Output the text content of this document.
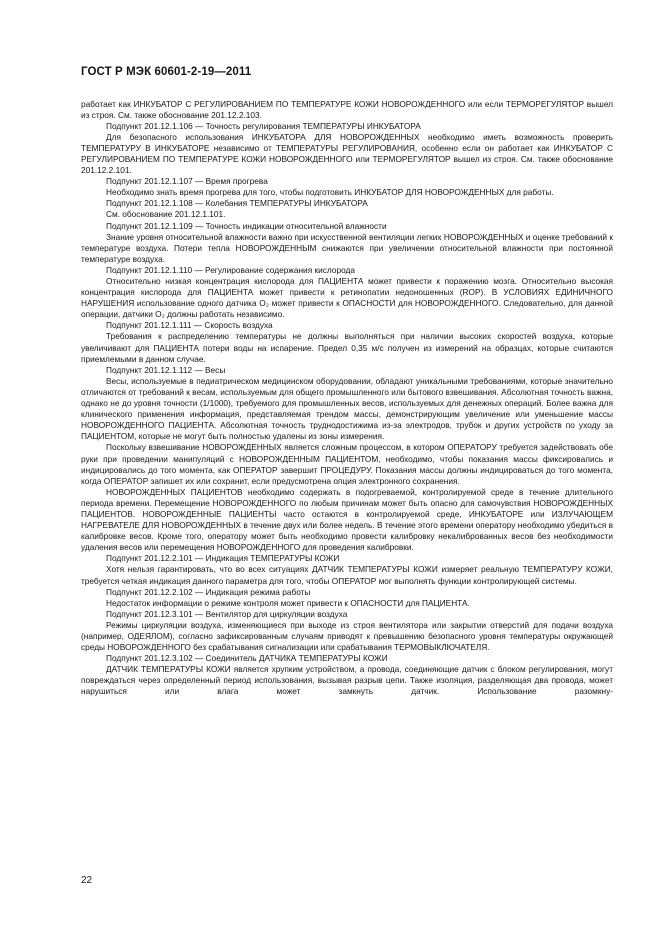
ГОСТ Р МЭК 60601-2-19—2011

работает как ИНКУБАТОР С РЕГУЛИРОВАНИЕМ ПО ТЕМПЕРАТУРЕ КОЖИ НОВОРОЖДЕННОГО или если ТЕРМОРЕГУЛЯТОР вышел из строя. См. также обоснование 201.12.2.103.

Подпункт 201.12.1.106 — Точность регулирования ТЕМПЕРАТУРЫ ИНКУБАТОРА

Для безопасного использования ИНКУБАТОРА ДЛЯ НОВОРОЖДЕННЫХ необходимо иметь возможность проверить ТЕМПЕРАТУРУ В ИНКУБАТОРЕ независимо от ТЕМПЕРАТУРЫ РЕГУЛИРОВАНИЯ, особенно если он работает как ИНКУБАТОР С РЕГУЛИРОВАНИЕМ ПО ТЕМПЕРАТУРЕ КОЖИ НОВОРОЖДЕННОГО или ТЕРМОРЕГУЛЯТОР вышел из строя. См. также обоснование 201.12.2.101.

Подпункт 201.12.1.107 — Время прогрева

Необходимо знать время прогрева для того, чтобы подготовить ИНКУБАТОР ДЛЯ НОВОРОЖДЕННЫХ для работы.

Подпункт 201.12.1.108 — Колебания ТЕМПЕРАТУРЫ ИНКУБАТОРА

См. обоснование 201.12.1.101.

Подпункт 201.12.1.109 — Точность индикации относительной влажности

Знание уровня относительной влажности важно при искусственной вентиляции легких НОВОРОЖДЕННЫХ и оценке требований к температуре воздуха. Потери тепла НОВОРОЖДЕННЫМ снижаются при увеличении относительной влажности при постоянной температуре воздуха.

Подпункт 201.12.1.110 — Регулирование содержания кислорода

Относительно низкая концентрация кислорода для ПАЦИЕНТА может привести к поражению мозга. Относительно высокая концентрация кислорода для ПАЦИЕНТА может привести к ретинопатии недоношенных (ROP). В УСЛОВИЯХ ЕДИНИЧНОГО НАРУШЕНИЯ использование одного датчика O₂ может привести к ОПАСНОСТИ для НОВОРОЖДЕННОГО. Следовательно, для данной операции, датчики O₂ должны работать независимо.

Подпункт 201.12.1.111 — Скорость воздуха

Требования к распределению температуры не должны выполняться при наличии высоких скоростей воздуха, которые увеличивают для ПАЦИЕНТА потери воды на испарение. Предел 0,35 м/с получен из измерений на образцах, которые считаются приемлемыми в данном случае.

Подпункт 201.12.1.112 — Весы

Весы, используемые в педиатрическом медицинском оборудовании, обладают уникальными требованиями, которые значительно отличаются от требований к весам, используемым для общего промышленного или бытового взвешивания. Абсолютная точность важна, однако не до уровня точности (1/1000), требуемого для промышленных весов, используемых для денежных операций. Более важна для клинического применения информация, представляемая трендом массы, демонстрирующим увеличение или уменьшение массы НОВОРОЖДЕННОГО ПАЦИЕНТА. Абсолютная точность труднодостижима из-за электродов, трубок и других устройств по уходу за ПАЦИЕНТОМ, которые не могут быть полностью удалены из зоны измерения.

Поскольку взвешивание НОВОРОЖДЕННЫХ является сложным процессом, в котором ОПЕРАТОРУ требуется задействовать обе руки при проведении манипуляций с НОВОРОЖДЕННЫМ ПАЦИЕНТОМ, необходимо, чтобы показания массы фиксировались и индицировались до того момента, как ОПЕРАТОР завершит ПРОЦЕДУРУ. Показания массы должны индицироваться до того момента, когда ОПЕРАТОР запишет их или сохранит, если предусмотрена опция электронного сохранения.

НОВОРОЖДЕННЫХ ПАЦИЕНТОВ необходимо содержать в подогреваемой, контролируемой среде в течение длительного периода времени. Перемещение НОВОРОЖДЕННОГО по любым причинам может быть опасно для самочувствия НОВОРОЖДЕННЫХ ПАЦИЕНТОВ. НОВОРОЖДЕННЫЕ ПАЦИЕНТЫ часто остаются в контролируемой среде, ИНКУБАТОРЕ или ИЗЛУЧАЮЩЕМ НАГРЕВАТЕЛЕ ДЛЯ НОВОРОЖДЕННЫХ в течение двух или более недель. В течение этого времени оператору необходимо убедиться в калибровке весов. Кроме того, оператору может быть необходимо провести калибровку некалиброванных весов без необходимости удаления весов или перемещения НОВОРОЖДЕННОГО для проведения калибровки.

Подпункт 201.12.2.101 — Индикация ТЕМПЕРАТУРЫ КОЖИ

Хотя нельзя гарантировать, что во всех ситуациях ДАТЧИК ТЕМПЕРАТУРЫ КОЖИ измеряет реальную ТЕМПЕРАТУРУ КОЖИ, требуется четкая индикация данного параметра для того, чтобы ОПЕРАТОР мог выполнять функции контролирующей системы.

Подпункт 201.12.2.102 — Индикация режима работы

Недостаток информации о режиме контроля может привести к ОПАСНОСТИ для ПАЦИЕНТА.

Подпункт 201.12.3.101 — Вентилятор для циркуляции воздуха

Режимы циркуляции воздуха, изменяющиеся при выходе из строя вентилятора или закрытии отверстий для подачи воздуха (например, ОДЕЯЛОМ), согласно зафиксированным случаям приводят к превышению безопасного уровня температуры окружающей среды НОВОРОЖДЕННОГО без срабатывания сигнализации или срабатывания ТЕРМОВЫКЛЮЧАТЕЛЯ.

Подпункт 201.12.3.102 — Соединитель ДАТЧИКА ТЕМПЕРАТУРЫ КОЖИ

ДАТЧИК ТЕМПЕРАТУРЫ КОЖИ является хрупким устройством, а провода, соединяющие датчик с блоком регулирования, могут повреждаться через определенный период использования, вызывая разрыв цепи. Также изоляция, разделяющая два провода, может нарушиться или влага может замкнуть датчик. Использование разомкну-

22
